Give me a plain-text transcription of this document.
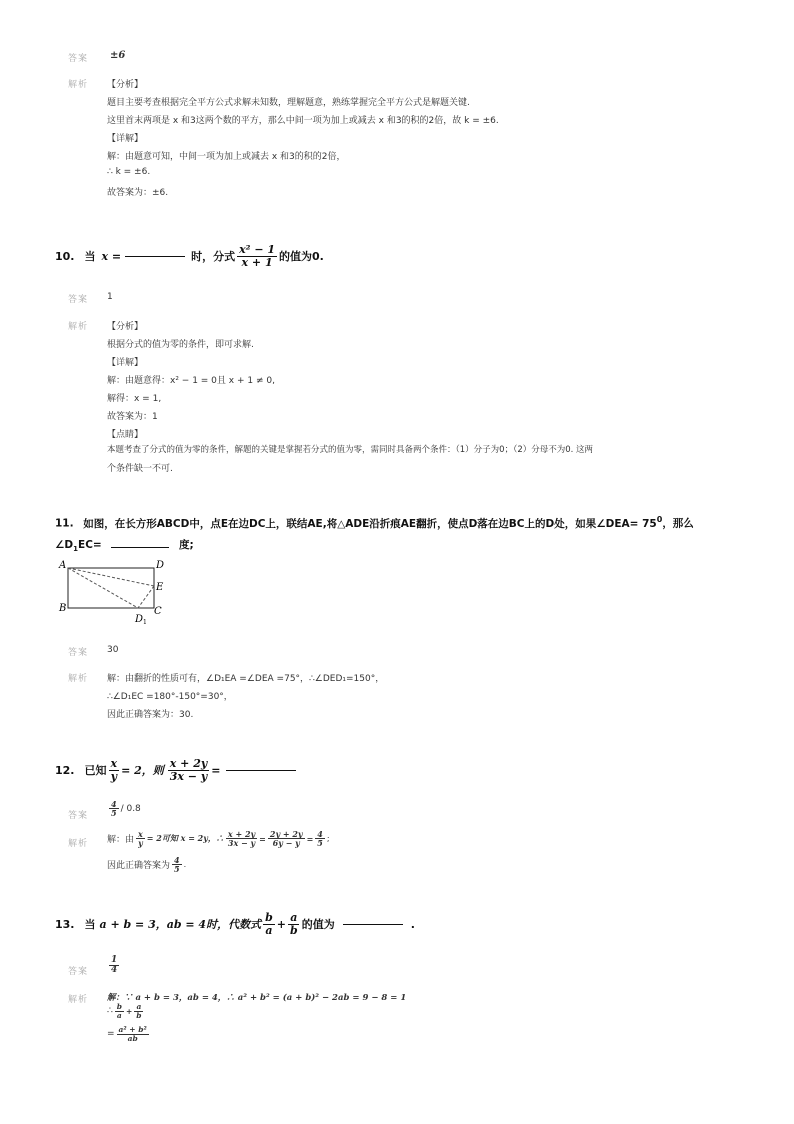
答案 ±6
解析 【分析】
题目主要考查根据完全平方公式求解未知数，理解题意，熟练掌握完全平方公式是解题关键.
这里首末两项是 x 和3这两个数的平方，那么中间一项为加上或减去 x 和3的积的2倍，故 k = ±6.
【详解】
解：由题意可知，中间一项为加上或减去 x 和3的积的2倍，
∴ k = ±6.
故答案为：±6.
10. 当 x =	时，分式
x² − 1
x + 1 的值为0.
答案 1
解析 【分析】
根据分式的值为零的条件，即可求解.
【详解】
解：由题意得：x² − 1 = 0且 x + 1 ≠ 0,
解得：x = 1,
故答案为：1
【点睛】
本题考查了分式的值为零的条件，解题的关键是掌握若分式的值为零，需同时具备两个条件：（1）分子为0；（2）分母不为0. 这两
个条件缺一不可.
11. 如图，在长方形ABCD中，点E在边DC上，联结AE,将△ADE沿折痕AE翻折，使点D落在边BC上的D处，如果∠DEA= $75^0$，那么
$\angle D_1EC=$	度;
A
B	C
D
E
D 1
答案 30
解析 解：由翻折的性质可有，∠D₁EA =∠DEA =75°，∴∠DED₁=150°，
∴∠D₁EC =180°-150°=30°，
因此正确答案为：30.
12. 已知 $\frac{x}{y} = 2$，则 $\frac{x + 2y}{3x - y}$ =
答案
4
5 / 0.8
解析 解：由 $\frac{x}{y} = 2$可知 x = 2y，∴ $\frac{x + 2y}{3x - y} = \frac{2y + 2y}{6y - y} = \frac{4}{5}$ ;
因此正确答案为
4
5 .
13. 当 a + b = 3，ab = 4时，代数式
b
$a + \frac{a}{b}$ 的值为	.
答案 $\frac{1}{4}$
解析 解：∵ a + b = 3，ab = 4，∴ a² + b² = (a + b)² − 2ab = 9 − 8 = 1
∴ b
$a + \frac{a}{b}$
= $\frac{\text{a² + b²}}{ab}$
